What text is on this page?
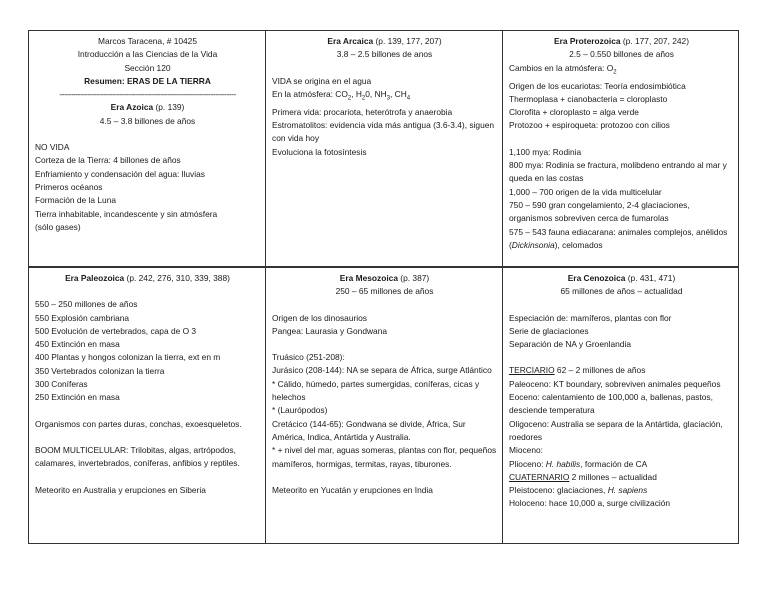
Marcos Taracena, # 10425
Introducción a las Ciencias de la Vida
Sección 120
Resumen: ERAS DE LA TIERRA
-----------------------------------------------------------------------------
Era Azoica (p. 139)
4.5 – 3.8 billones de años
NO VIDA
Corteza de la Tierra: 4 billones de años
Enfriamiento y condensación del agua: lluvias
Primeros océanos
Formación de la Luna
Tierra inhabitable, incandescente y sin atmósfera
(sólo gases)
Era Arcaica (p. 139, 177, 207)
3.8 – 2.5 billones de anos
VIDA se origina en el agua
En la atmósfera: $CO_2$, $H_20$, $NH_3$, $CH_4$
Primera vida: procariota, heterótrofa y anaerobia
Estromatolitos: evidencia vida más antigua (3.6-3.4), siguen con vida hoy
Evoluciona la fotosíntesis
Era Proterozoica (p. 177, 207, 242)
2.5 – 0.550 billones de años
Cambios en la atmósfera: $O_2$
Origen de los eucariotas: Teoría endosimbiótica
Thermoplasa + cianobacteria = cloroplasto
Clorofita + cloroplasto = alga verde
Protozoo + espiroqueta: protozoo con cilios
1,100 mya: Rodinia
800 mya: Rodinia se fractura, molibdeno entrando al mar y queda en las costas
1,000 – 700 origen de la vida multicelular
750 – 590 gran congelamiento, 2-4 glaciaciones, organismos sobreviven cerca de fumarolas
575 – 543 fauna ediacarana: animales complejos, anélidos (Dickinsonia), celomados
Era Paleozoica (p. 242, 276, 310, 339, 388)
550 – 250 millones de años
550 Explosión cambriana
500 Evolución de vertebrados, capa de O 3
450 Extinción en masa
400 Plantas y hongos colonizan la tierra, ext en m
350 Vertebrados colonizan la tierra
300 Coníferas
250 Extinción en masa
Organismos con partes duras, conchas, exoesqueletos.
BOOM MULTICELULAR: Trilobitas, algas, artrópodos, calamares, invertebrados, coníferas, anfibios y reptiles.
Meteorito en Australia y erupciones en Siberia
Era Mesozoica (p. 387)
250 – 65 millones de años
Origen de los dinosaurios
Pangea: Laurasia y Gondwana
Truásico (251-208):
Jurásico (208-144): NA se separa de África, surge Atlántico
* Cálido, húmedo, partes sumergidas, coníferas, cicas y helechos
* (Laurópodos)
Cretácico (144-65): Gondwana se divide, África, Sur América, Indica, Antártida y Australia.
* + nivel del mar, aguas someras, plantas con flor, pequeños mamíferos, hormigas, termitas, rayas, tiburones.
Meteorito en Yucatán y erupciones en India
Era Cenozoica (p. 431, 471)
65 millones de años – actualidad
Especiación de: mamíferos, plantas con flor
Serie de glaciaciones
Separación de NA y Groenlandia
TERCIARIO 62 – 2 millones de años
Paleoceno: KT boundary, sobreviven animales pequeños
Eoceno: calentamiento de 100,000 a, ballenas, pastos, desciende temperatura
Oligoceno: Australia se separa de la Antártida, glaciación, roedores
Mioceno:
Plioceno: H. habilis, formación de CA
CUATERNARIO 2 millones – actualidad
Pleistoceno: glaciaciones, H. sapiens
Holoceno: hace 10,000 a, surge civilización
